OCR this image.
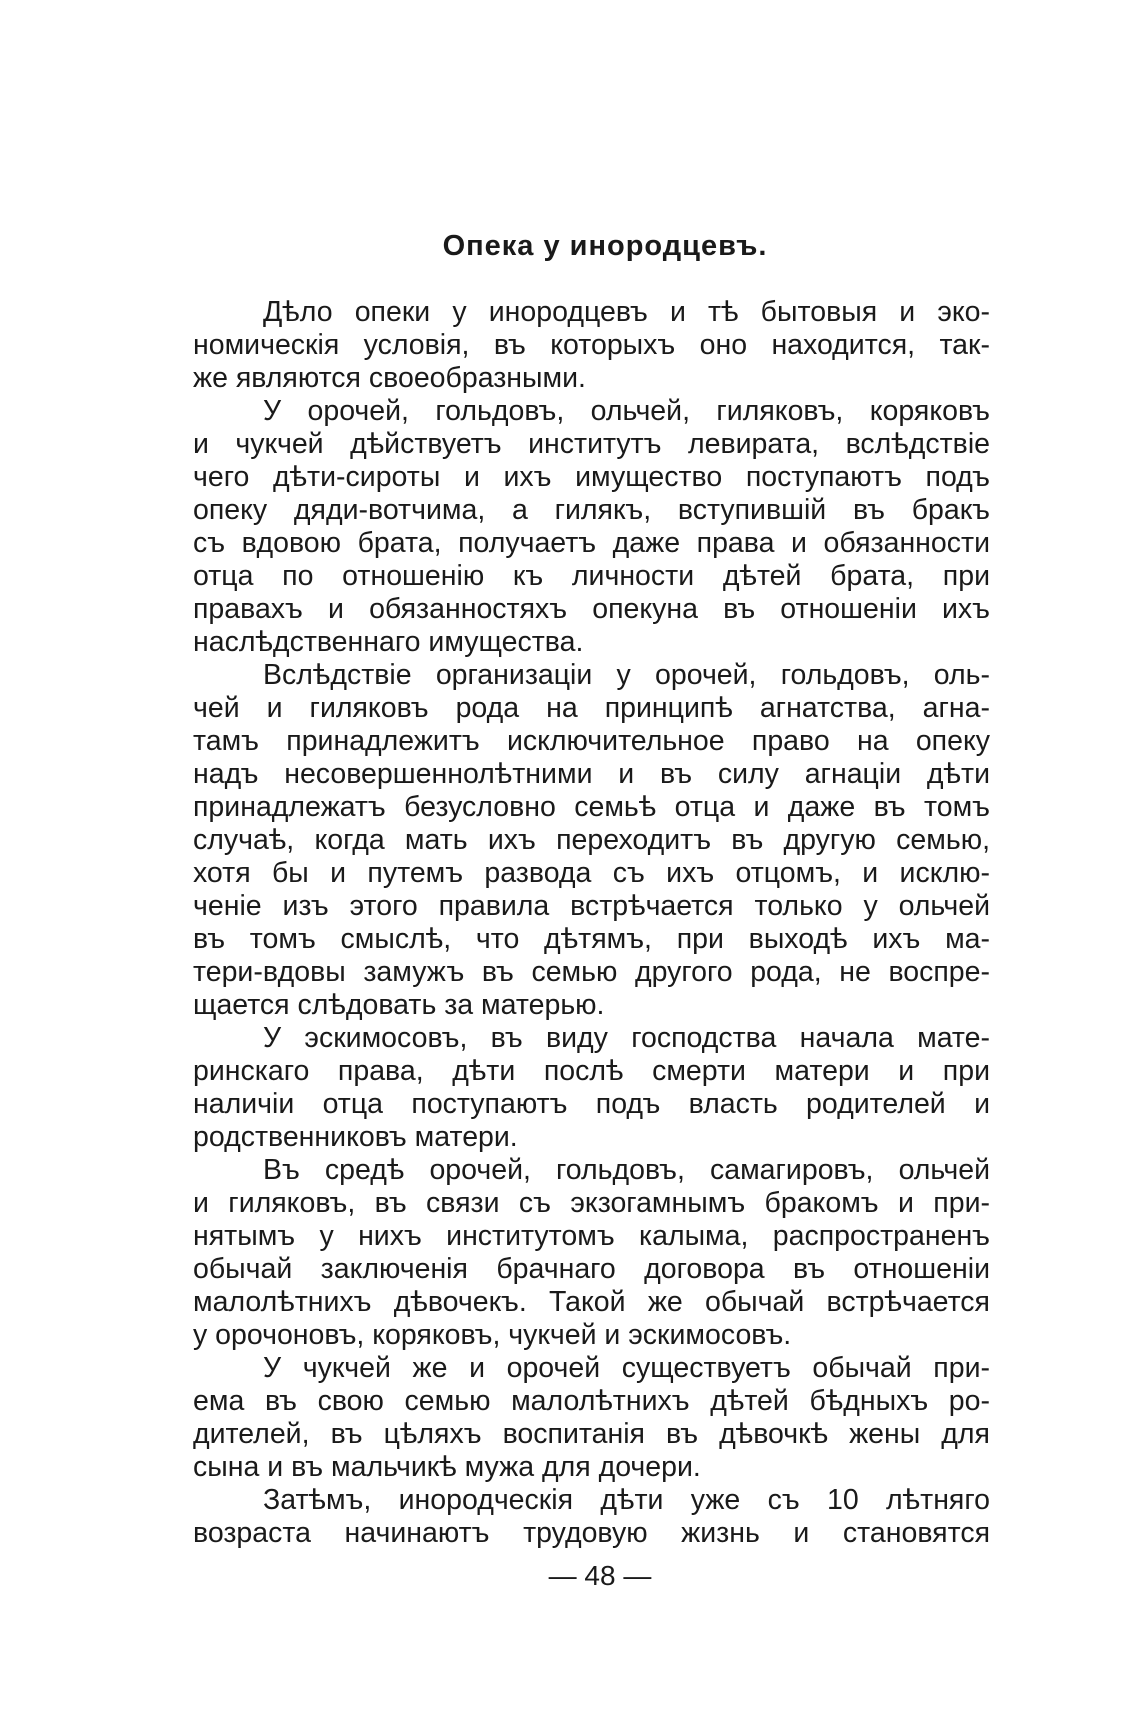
Опека у инородцевъ.
Дѣло опеки у инородцевъ и тѣ бытовыя и эко-
номическія условія, въ которыхъ оно находится, так-
же являются своеобразными.
У орочей, гольдовъ, ольчей, гиляковъ, коряковъ
и чукчей дѣйствуетъ институтъ левирата, вслѣдствіе
чего дѣти-сироты и ихъ имущество поступаютъ подъ
опеку дяди-вотчима, а гилякъ, вступившій въ бракъ
съ вдовою брата, получаетъ даже права и обязанности
отца по отношенію къ личности дѣтей брата, при
правахъ и обязанностяхъ опекуна въ отношеніи ихъ
наслѣдственнаго имущества.
Вслѣдствіе организаціи у орочей, гольдовъ, оль-
чей и гиляковъ рода на принципѣ агнатства, агна-
тамъ принадлежитъ исключительное право на опеку
надъ несовершеннолѣтними и въ силу агнаціи дѣти
принадлежатъ безусловно семьѣ отца и даже въ томъ
случаѣ, когда мать ихъ переходитъ въ другую семью,
хотя бы и путемъ развода съ ихъ отцомъ, и исклю-
ченіе изъ этого правила встрѣчается только у ольчей
въ томъ смыслѣ, что дѣтямъ, при выходѣ ихъ ма-
тери-вдовы замужъ въ семью другого рода, не воспре-
щается слѣдовать за матерью.
У эскимосовъ, въ виду господства начала мате-
ринскаго права, дѣти послѣ смерти матери и при
наличіи отца поступаютъ подъ власть родителей и
родственниковъ матери.
Въ средѣ орочей, гольдовъ, самагировъ, ольчей
и гиляковъ, въ связи съ экзогамнымъ бракомъ и при-
нятымъ у нихъ институтомъ калыма, распространенъ
обычай заключенія брачнаго договора въ отношеніи
малолѣтнихъ дѣвочекъ. Такой же обычай встрѣчается
у орочоновъ, коряковъ, чукчей и эскимосовъ.
У чукчей же и орочей существуетъ обычай при-
ема въ свою семью малолѣтнихъ дѣтей бѣдныхъ ро-
дителей, въ цѣляхъ воспитанія въ дѣвочкѣ жены для
сына и въ мальчикѣ мужа для дочери.
Затѣмъ, инородческія дѣти уже съ 10 лѣтняго
возраста начинаютъ трудовую жизнь и становятся
— 48 —
